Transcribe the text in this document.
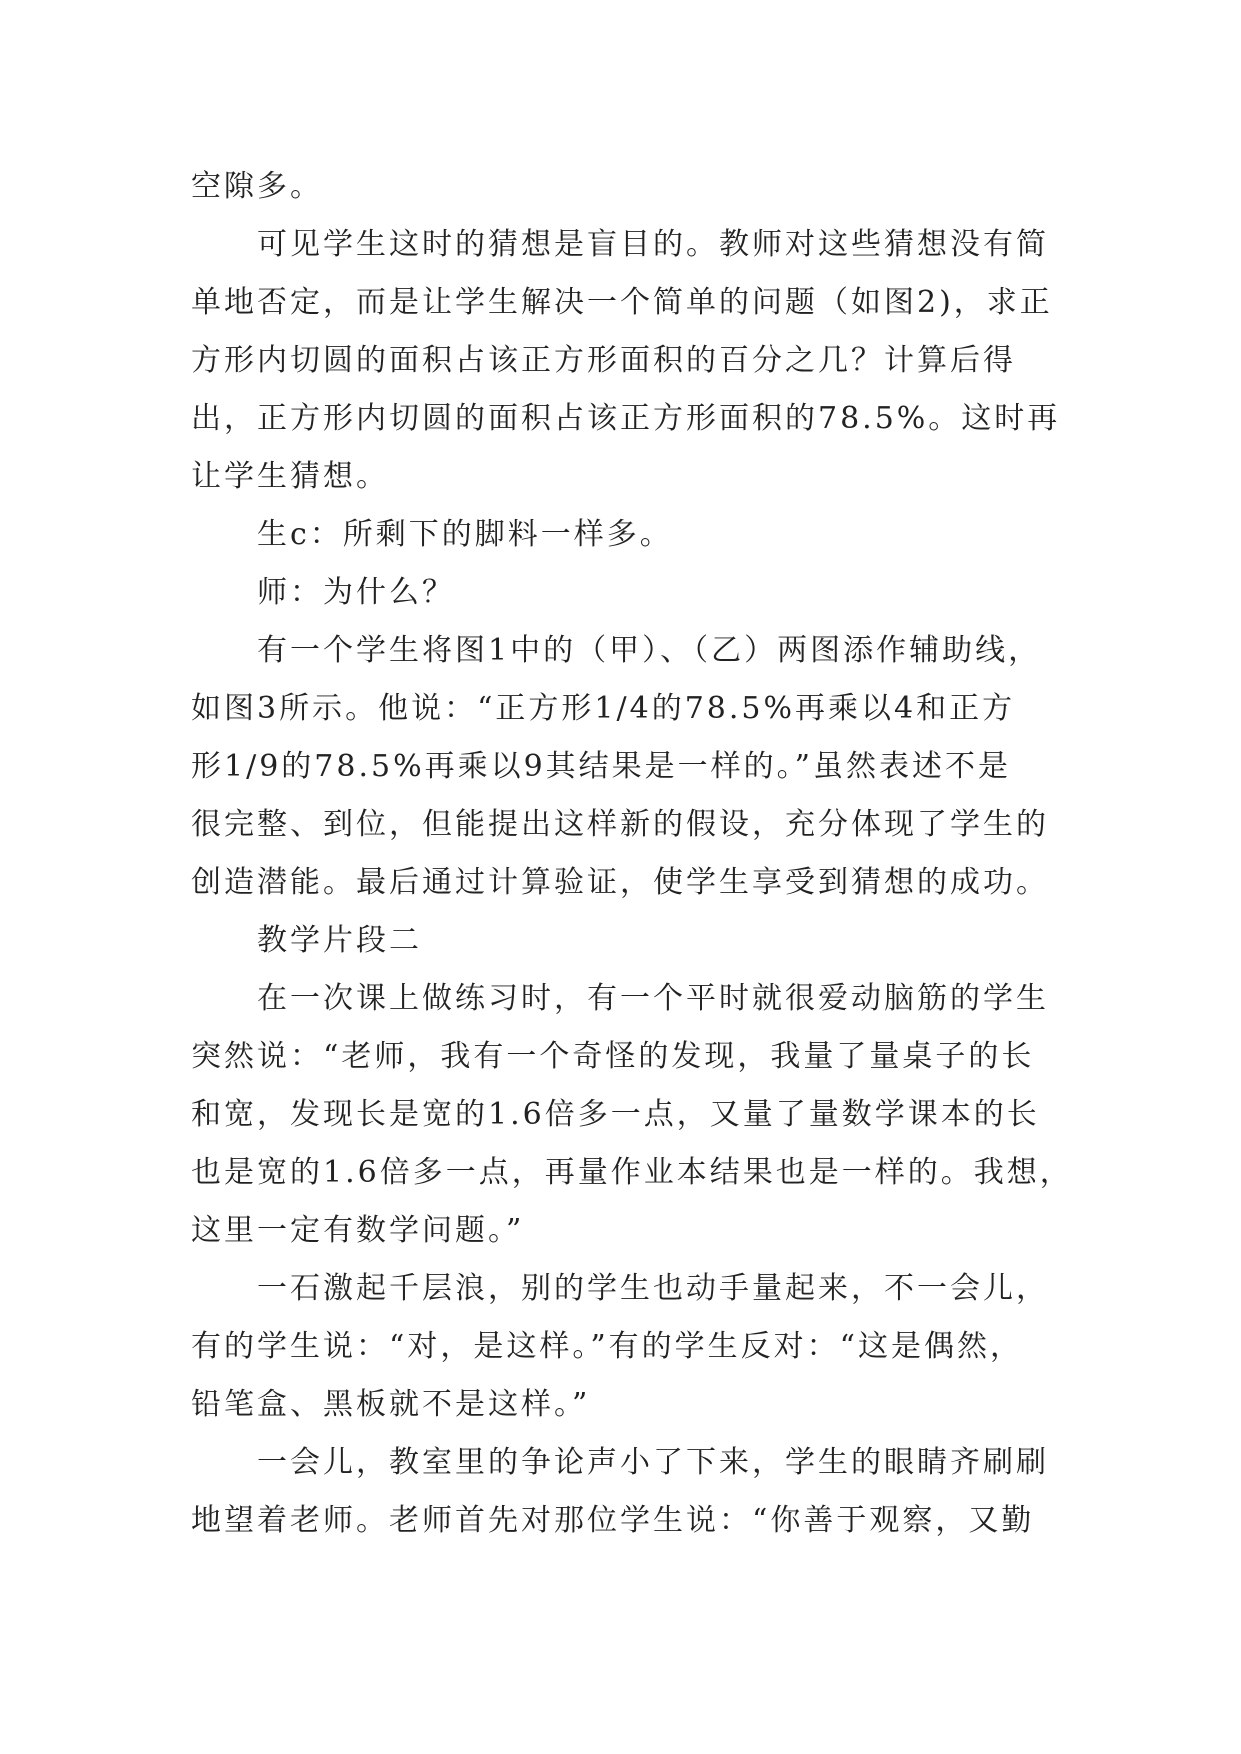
空隙多。
可见学生这时的猜想是盲目的。教师对这些猜想没有简
单地否定，而是让学生解决一个简单的问题（如图2)，求正
方形内切圆的面积占该正方形面积的百分之几？计算后得
出，正方形内切圆的面积占该正方形面积的78.5%。这时再
让学生猜想。
生c：所剩下的脚料一样多。
师：为什么？
有一个学生将图1中的（甲）、（乙）两图添作辅助线，
如图3所示。他说：“正方形1/4的78.5%再乘以4和正方
形1/9的78.5%再乘以9其结果是一样的。”虽然表述不是
很完整、到位，但能提出这样新的假设，充分体现了学生的
创造潜能。最后通过计算验证，使学生享受到猜想的成功。
教学片段二
在一次课上做练习时，有一个平时就很爱动脑筋的学生
突然说：“老师，我有一个奇怪的发现，我量了量桌子的长
和宽，发现长是宽的1.6倍多一点，又量了量数学课本的长
也是宽的1.6倍多一点，再量作业本结果也是一样的。我想，
这里一定有数学问题。”
一石激起千层浪，别的学生也动手量起来，不一会儿，
有的学生说：“对，是这样。”有的学生反对：“这是偶然，
铅笔盒、黑板就不是这样。”
一会儿，教室里的争论声小了下来，学生的眼睛齐刷刷
地望着老师。老师首先对那位学生说：“你善于观察，又勤
